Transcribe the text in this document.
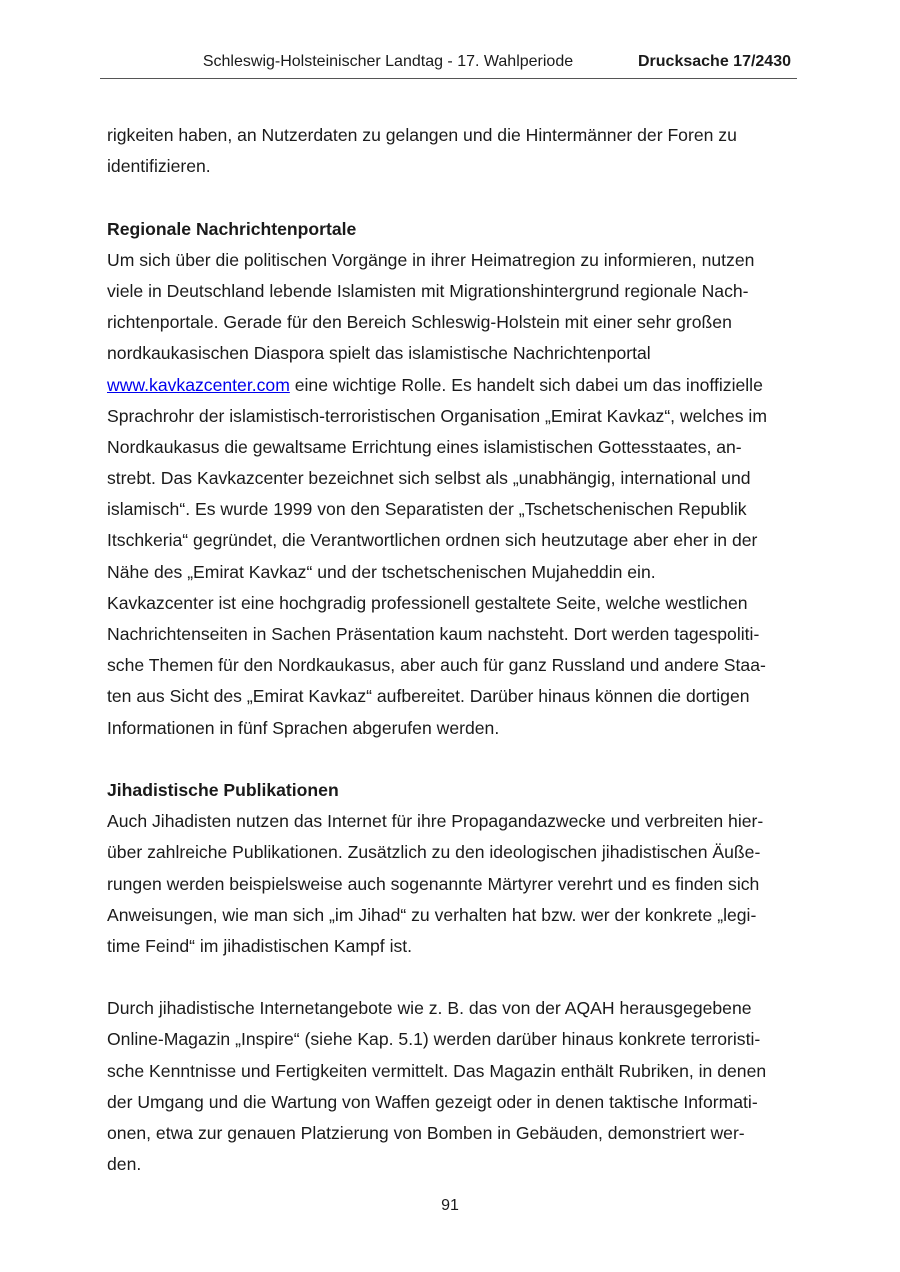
Schleswig-Holsteinischer Landtag - 17. Wahlperiode	Drucksache 17/2430
rigkeiten haben, an Nutzerdaten zu gelangen und die Hintermänner der Foren zu
identifizieren.
Regionale Nachrichtenportale
Um sich über die politischen Vorgänge in ihrer Heimatregion zu informieren, nutzen
viele in Deutschland lebende Islamisten mit Migrationshintergrund regionale Nach-
richtenportale. Gerade für den Bereich Schleswig-Holstein mit einer sehr großen
nordkaukasischen Diaspora spielt das islamistische Nachrichtenportal
www.kavkazcenter.com eine wichtige Rolle. Es handelt sich dabei um das inoffizielle
Sprachrohr der islamistisch-terroristischen Organisation „Emirat Kavkaz“, welches im
Nordkaukasus die gewaltsame Errichtung eines islamistischen Gottesstaates, an-
strebt. Das Kavkazcenter bezeichnet sich selbst als „unabhängig, international und
islamisch“. Es wurde 1999 von den Separatisten der „Tschetschenischen Republik
Itschkeria“ gegründet, die Verantwortlichen ordnen sich heutzutage aber eher in der
Nähe des „Emirat Kavkaz“ und der tschetschenischen Mujaheddin ein.
Kavkazcenter ist eine hochgradig professionell gestaltete Seite, welche westlichen
Nachrichtenseiten in Sachen Präsentation kaum nachsteht. Dort werden tagespoliti-
sche Themen für den Nordkaukasus, aber auch für ganz Russland und andere Staa-
ten aus Sicht des „Emirat Kavkaz“ aufbereitet. Darüber hinaus können die dortigen
Informationen in fünf Sprachen abgerufen werden.
Jihadistische Publikationen
Auch Jihadisten nutzen das Internet für ihre Propagandazwecke und verbreiten hier-
über zahlreiche Publikationen. Zusätzlich zu den ideologischen jihadistischen Äuße-
rungen werden beispielsweise auch sogenannte Märtyrer verehrt und es finden sich
Anweisungen, wie man sich „im Jihad“ zu verhalten hat bzw. wer der konkrete „legi-
time Feind“ im jihadistischen Kampf ist.
Durch jihadistische Internetangebote wie z. B. das von der AQAH herausgegebene
Online-Magazin „Inspire“ (siehe Kap. 5.1) werden darüber hinaus konkrete terroristi-
sche Kenntnisse und Fertigkeiten vermittelt. Das Magazin enthält Rubriken, in denen
der Umgang und die Wartung von Waffen gezeigt oder in denen taktische Informati-
onen, etwa zur genauen Platzierung von Bomben in Gebäuden, demonstriert wer-
den.
91
